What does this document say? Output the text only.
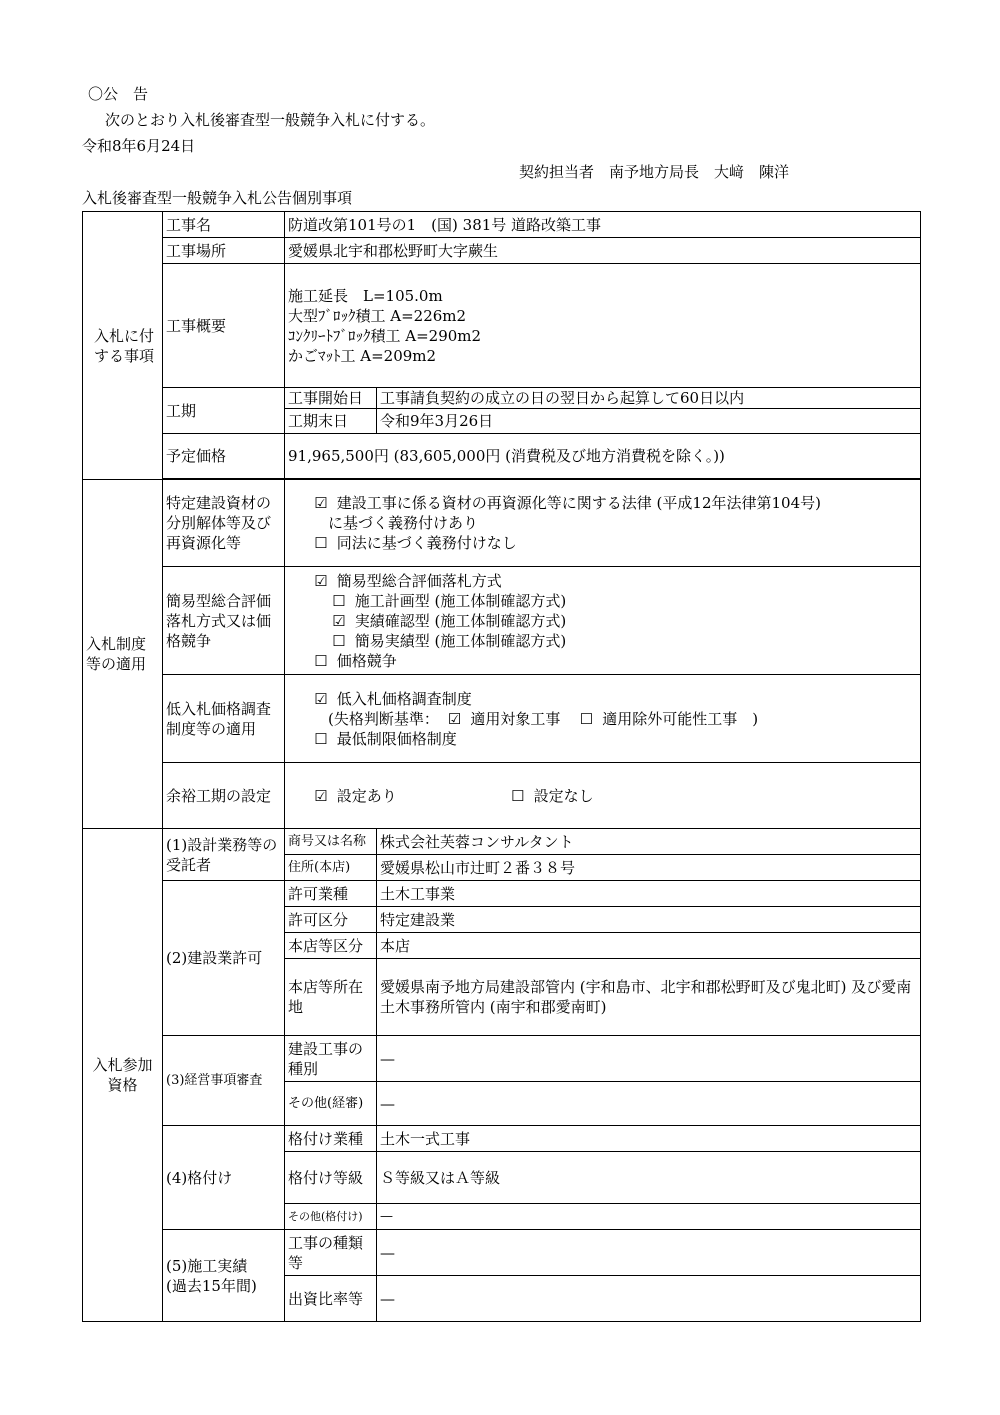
〇公　告
次のとおり入札後審査型一般競争入札に付する。
令和8年6月24日
契約担当者　南予地方局長　大﨑　陳洋
入札後審査型一般競争入札公告個別事項
入札に付する事項	工事名	防道改第101号の1　(国) 381号 道路改築工事	
	工事場所	愛媛県北宇和郡松野町大字蕨生	
	工事概要	施工延長　L=105.0m
大型ﾌﾞﾛｯｸ積工 A=226m2
ｺﾝｸﾘｰﾄﾌﾞﾛｯｸ積工 A=290m2
かごﾏｯﾄ工 A=209m2	

	工期	工事開始日	工事請負契約の成立の日の翌日から起算して60日以内
		工期末日	令和9年3月26日
	予定価格	91,965,500円 (83,605,000円 (消費税及び地方消費税を除く。))	

入札制度等の適用	特定建設資材の分別解体等及び再資源化等	☑ 建設工事に係る資材の再資源化等に関する法律 (平成12年法律第104号)
に基づく義務付けあり
☐ 同法に基づく義務付けなし	

	簡易型総合評価落札方式又は価格競争	☑ 簡易型総合評価落札方式
☐ 施工計画型 (施工体制確認方式)
☑ 実績確認型 (施工体制確認方式)
☐ 簡易実績型 (施工体制確認方式)
☐ 価格競争	

	低入札価格調査制度等の適用	☑ 低入札価格調査制度
(失格判断基準： ☑ 適用対象工事　 ☐ 適用除外可能性工事　)
☐ 最低制限価格制度	

	余裕工期の設定	☑ 設定あり ☐ 設定なし	

入札参加資格	(1)設計業務等の受託者	商号又は名称	株式会社芙蓉コンサルタント
		住所(本店)	愛媛県松山市辻町２番３８号
	(2)建設業許可	許可業種	土木工事業
		許可区分	特定建設業
		本店等区分	本店

		本店等所在地	愛媛県南予地方局建設部管内 (宇和島市、北宇和郡松野町及び鬼北町) 及び愛南土木事務所管内 (南宇和郡愛南町)

	(3)経営事項審査	建設工事の種別	—
		その他(経審)	—
	(4)格付け	格付け業種	土木一式工事
		格付け等級	Ｓ等級又はＡ等級
		その他(格付け)	—

	(5)施工実績
(過去15年間)	工事の種類等	—
		出資比率等	—
